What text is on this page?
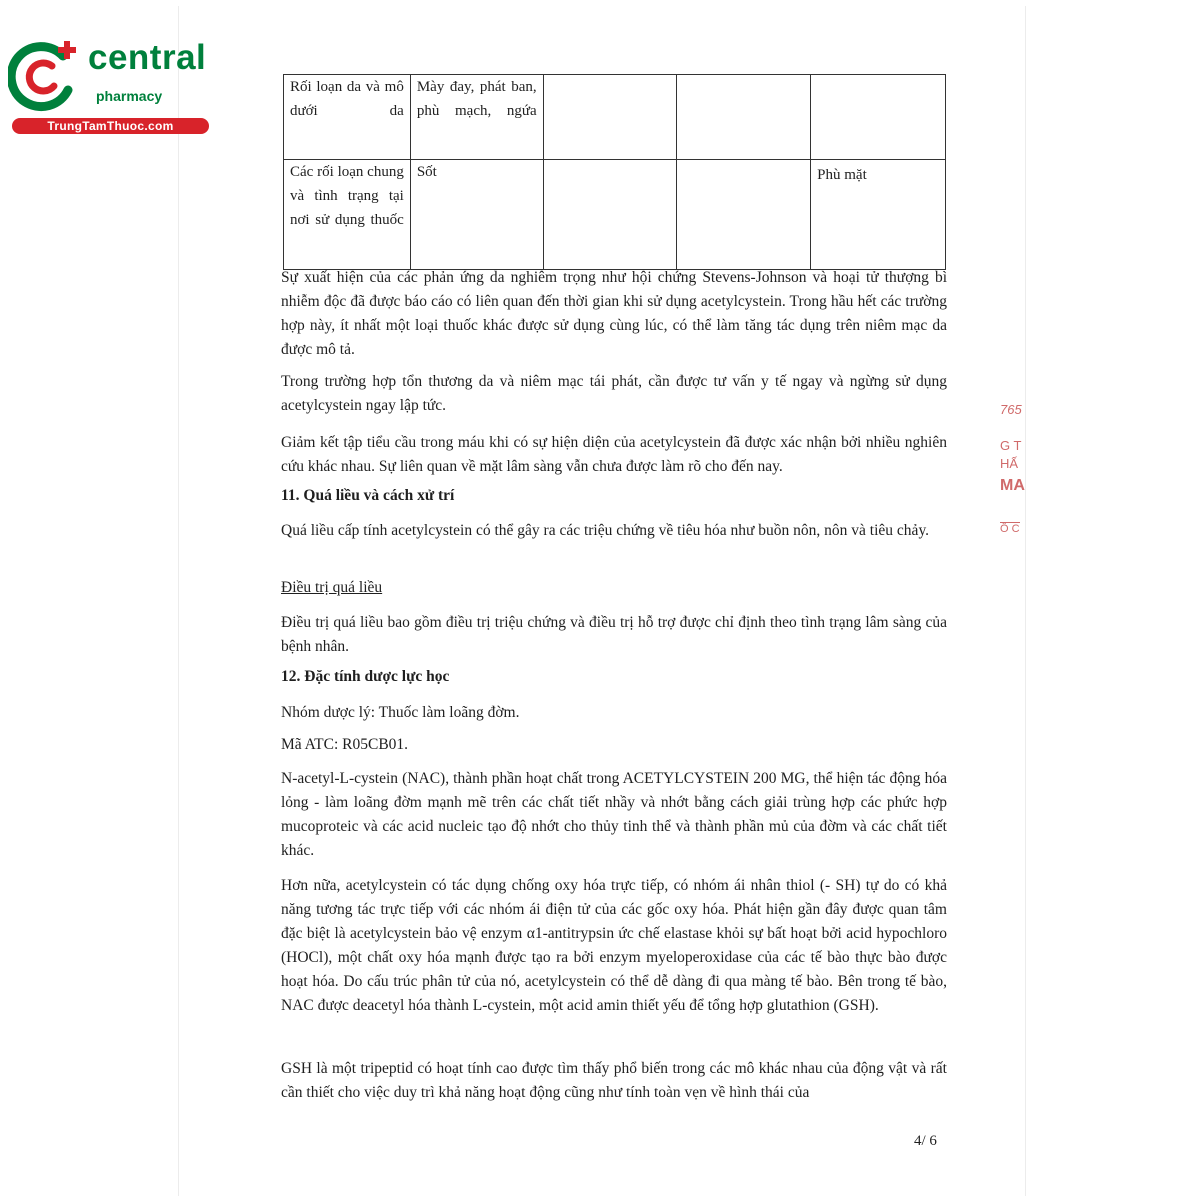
central
pharmacy
TrungTamThuoc.com
765
G T
HẤ
MA
Ồ C
Rối loạn da và mô dưới da	Mày đay, phát ban, phù mạch, ngứa			
Các rối loạn chung và tình trạng tại nơi sử dụng thuốc	Sốt			Phù mặt

Sự xuất hiện của các phản ứng da nghiêm trọng như hội chứng Stevens-Johnson và hoại tử thượng bì nhiễm độc đã được báo cáo có liên quan đến thời gian khi sử dụng acetylcystein. Trong hầu hết các trường hợp này, ít nhất một loại thuốc khác được sử dụng cùng lúc, có thể làm tăng tác dụng trên niêm mạc da được mô tả.

Trong trường hợp tổn thương da và niêm mạc tái phát, cần được tư vấn y tế ngay và ngừng sử dụng acetylcystein ngay lập tức.

Giảm kết tập tiểu cầu trong máu khi có sự hiện diện của acetylcystein đã được xác nhận bởi nhiều nghiên cứu khác nhau. Sự liên quan về mặt lâm sàng vẫn chưa được làm rõ cho đến nay.

11. Quá liều và cách xử trí

Quá liều cấp tính acetylcystein có thể gây ra các triệu chứng về tiêu hóa như buồn nôn, nôn và tiêu chảy.

Điều trị quá liều

Điều trị quá liều bao gồm điều trị triệu chứng và điều trị hỗ trợ được chỉ định theo tình trạng lâm sàng của bệnh nhân.

12. Đặc tính dược lực học

Nhóm dược lý: Thuốc làm loãng đờm.

Mã ATC: R05CB01.

N-acetyl-L-cystein (NAC), thành phần hoạt chất trong ACETYLCYSTEIN 200 MG, thể hiện tác động hóa lỏng - làm loãng đờm mạnh mẽ trên các chất tiết nhầy và nhớt bằng cách giải trùng hợp các phức hợp mucoproteic và các acid nucleic tạo độ nhớt cho thủy tinh thể và thành phần mủ của đờm và các chất tiết khác.

Hơn nữa, acetylcystein có tác dụng chống oxy hóa trực tiếp, có nhóm ái nhân thiol (- SH) tự do có khả năng tương tác trực tiếp với các nhóm ái điện tử của các gốc oxy hóa. Phát hiện gần đây được quan tâm đặc biệt là acetylcystein bảo vệ enzym α1-antitrypsin ức chế elastase khỏi sự bất hoạt bởi acid hypochloro (HOCl), một chất oxy hóa mạnh được tạo ra bởi enzym myeloperoxidase của các tế bào thực bào được hoạt hóa. Do cấu trúc phân tử của nó, acetylcystein có thể dễ dàng đi qua màng tế bào. Bên trong tế bào, NAC được deacetyl hóa thành L-cystein, một acid amin thiết yếu để tổng hợp glutathion (GSH).

GSH là một tripeptid có hoạt tính cao được tìm thấy phổ biến trong các mô khác nhau của động vật và rất cần thiết cho việc duy trì khả năng hoạt động cũng như tính toàn vẹn về hình thái của

4/ 6
